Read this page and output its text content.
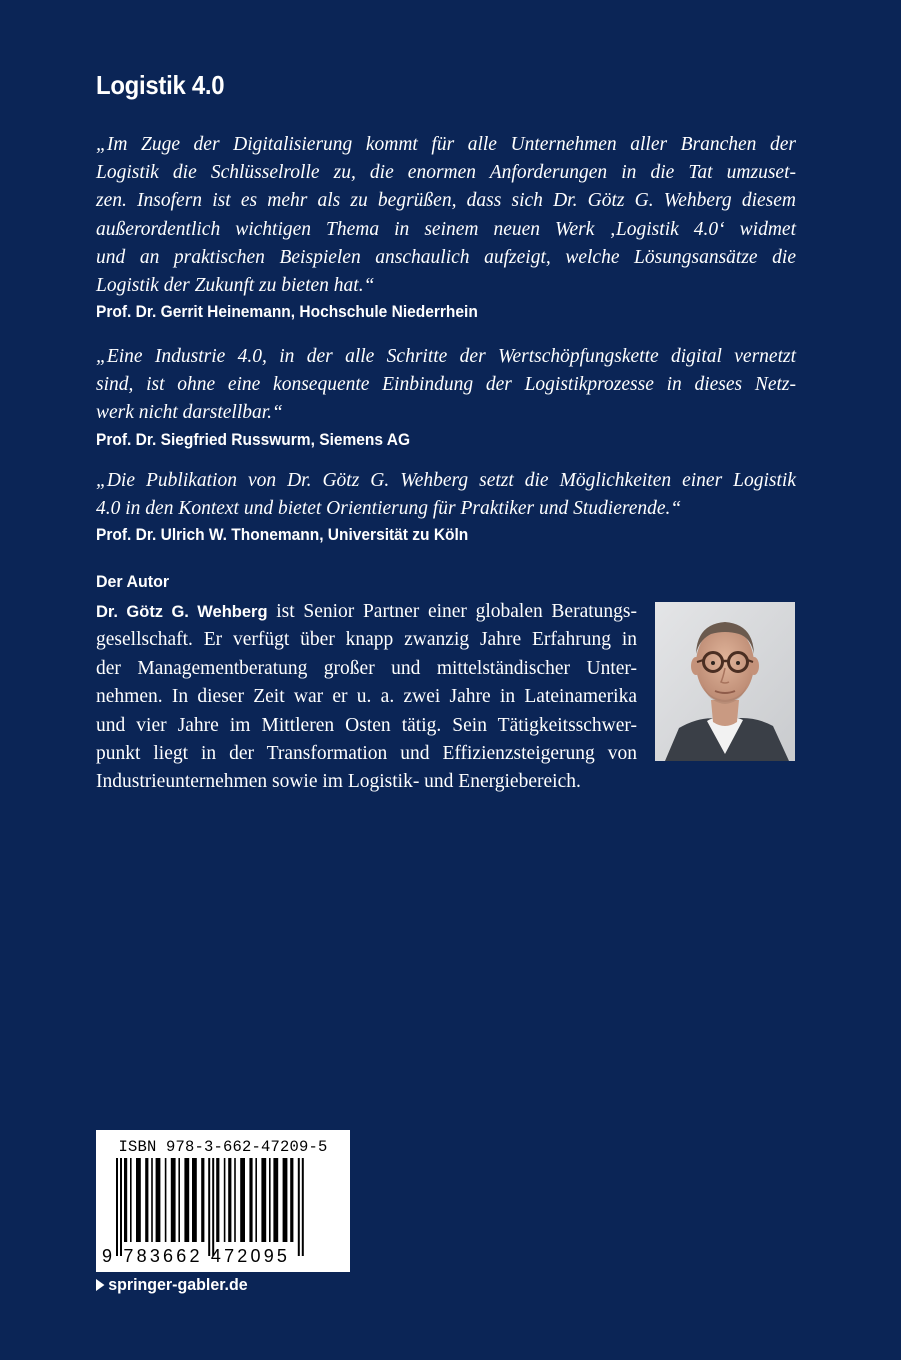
Logistik 4.0
„Im Zuge der Digitalisierung kommt für alle Unternehmen aller Branchen der
Logistik die Schlüsselrolle zu, die enormen Anforderungen in die Tat umzuset-
zen. Insofern ist es mehr als zu begrüßen, dass sich Dr. Götz G. Wehberg diesem
außerordentlich wichtigen Thema in seinem neuen Werk ‚Logistik 4.0‘ widmet
und an praktischen Beispielen anschaulich aufzeigt, welche Lösungsansätze die
Logistik der Zukunft zu bieten hat.“
Prof. Dr. Gerrit Heinemann, Hochschule Niederrhein
„Eine Industrie 4.0, in der alle Schritte der Wertschöpfungskette digital vernetzt
sind, ist ohne eine konsequente Einbindung der Logistikprozesse in dieses Netz-
werk nicht darstellbar.“
Prof. Dr. Siegfried Russwurm, Siemens AG
„Die Publikation von Dr. Götz G. Wehberg setzt die Möglichkeiten einer Logistik
4.0 in den Kontext und bietet Orientierung für Praktiker und Studierende.“
Prof. Dr. Ulrich W. Thonemann, Universität zu Köln
Der Autor
Dr. Götz G. Wehberg ist Senior Partner einer globalen Beratungs-
gesellschaft. Er verfügt über knapp zwanzig Jahre Erfahrung in
der Managementberatung großer und mittelständischer Unter-
nehmen. In dieser Zeit war er u. a. zwei Jahre in Lateinamerika
und vier Jahre im Mittleren Osten tätig. Sein Tätigkeitsschwer-
punkt liegt in der Transformation und Effizienzsteigerung von
Industrieunternehmen sowie im Logistik- und Energiebereich.
ISBN 978-3-662-47209-5
9 783662 472095
springer-gabler.de
